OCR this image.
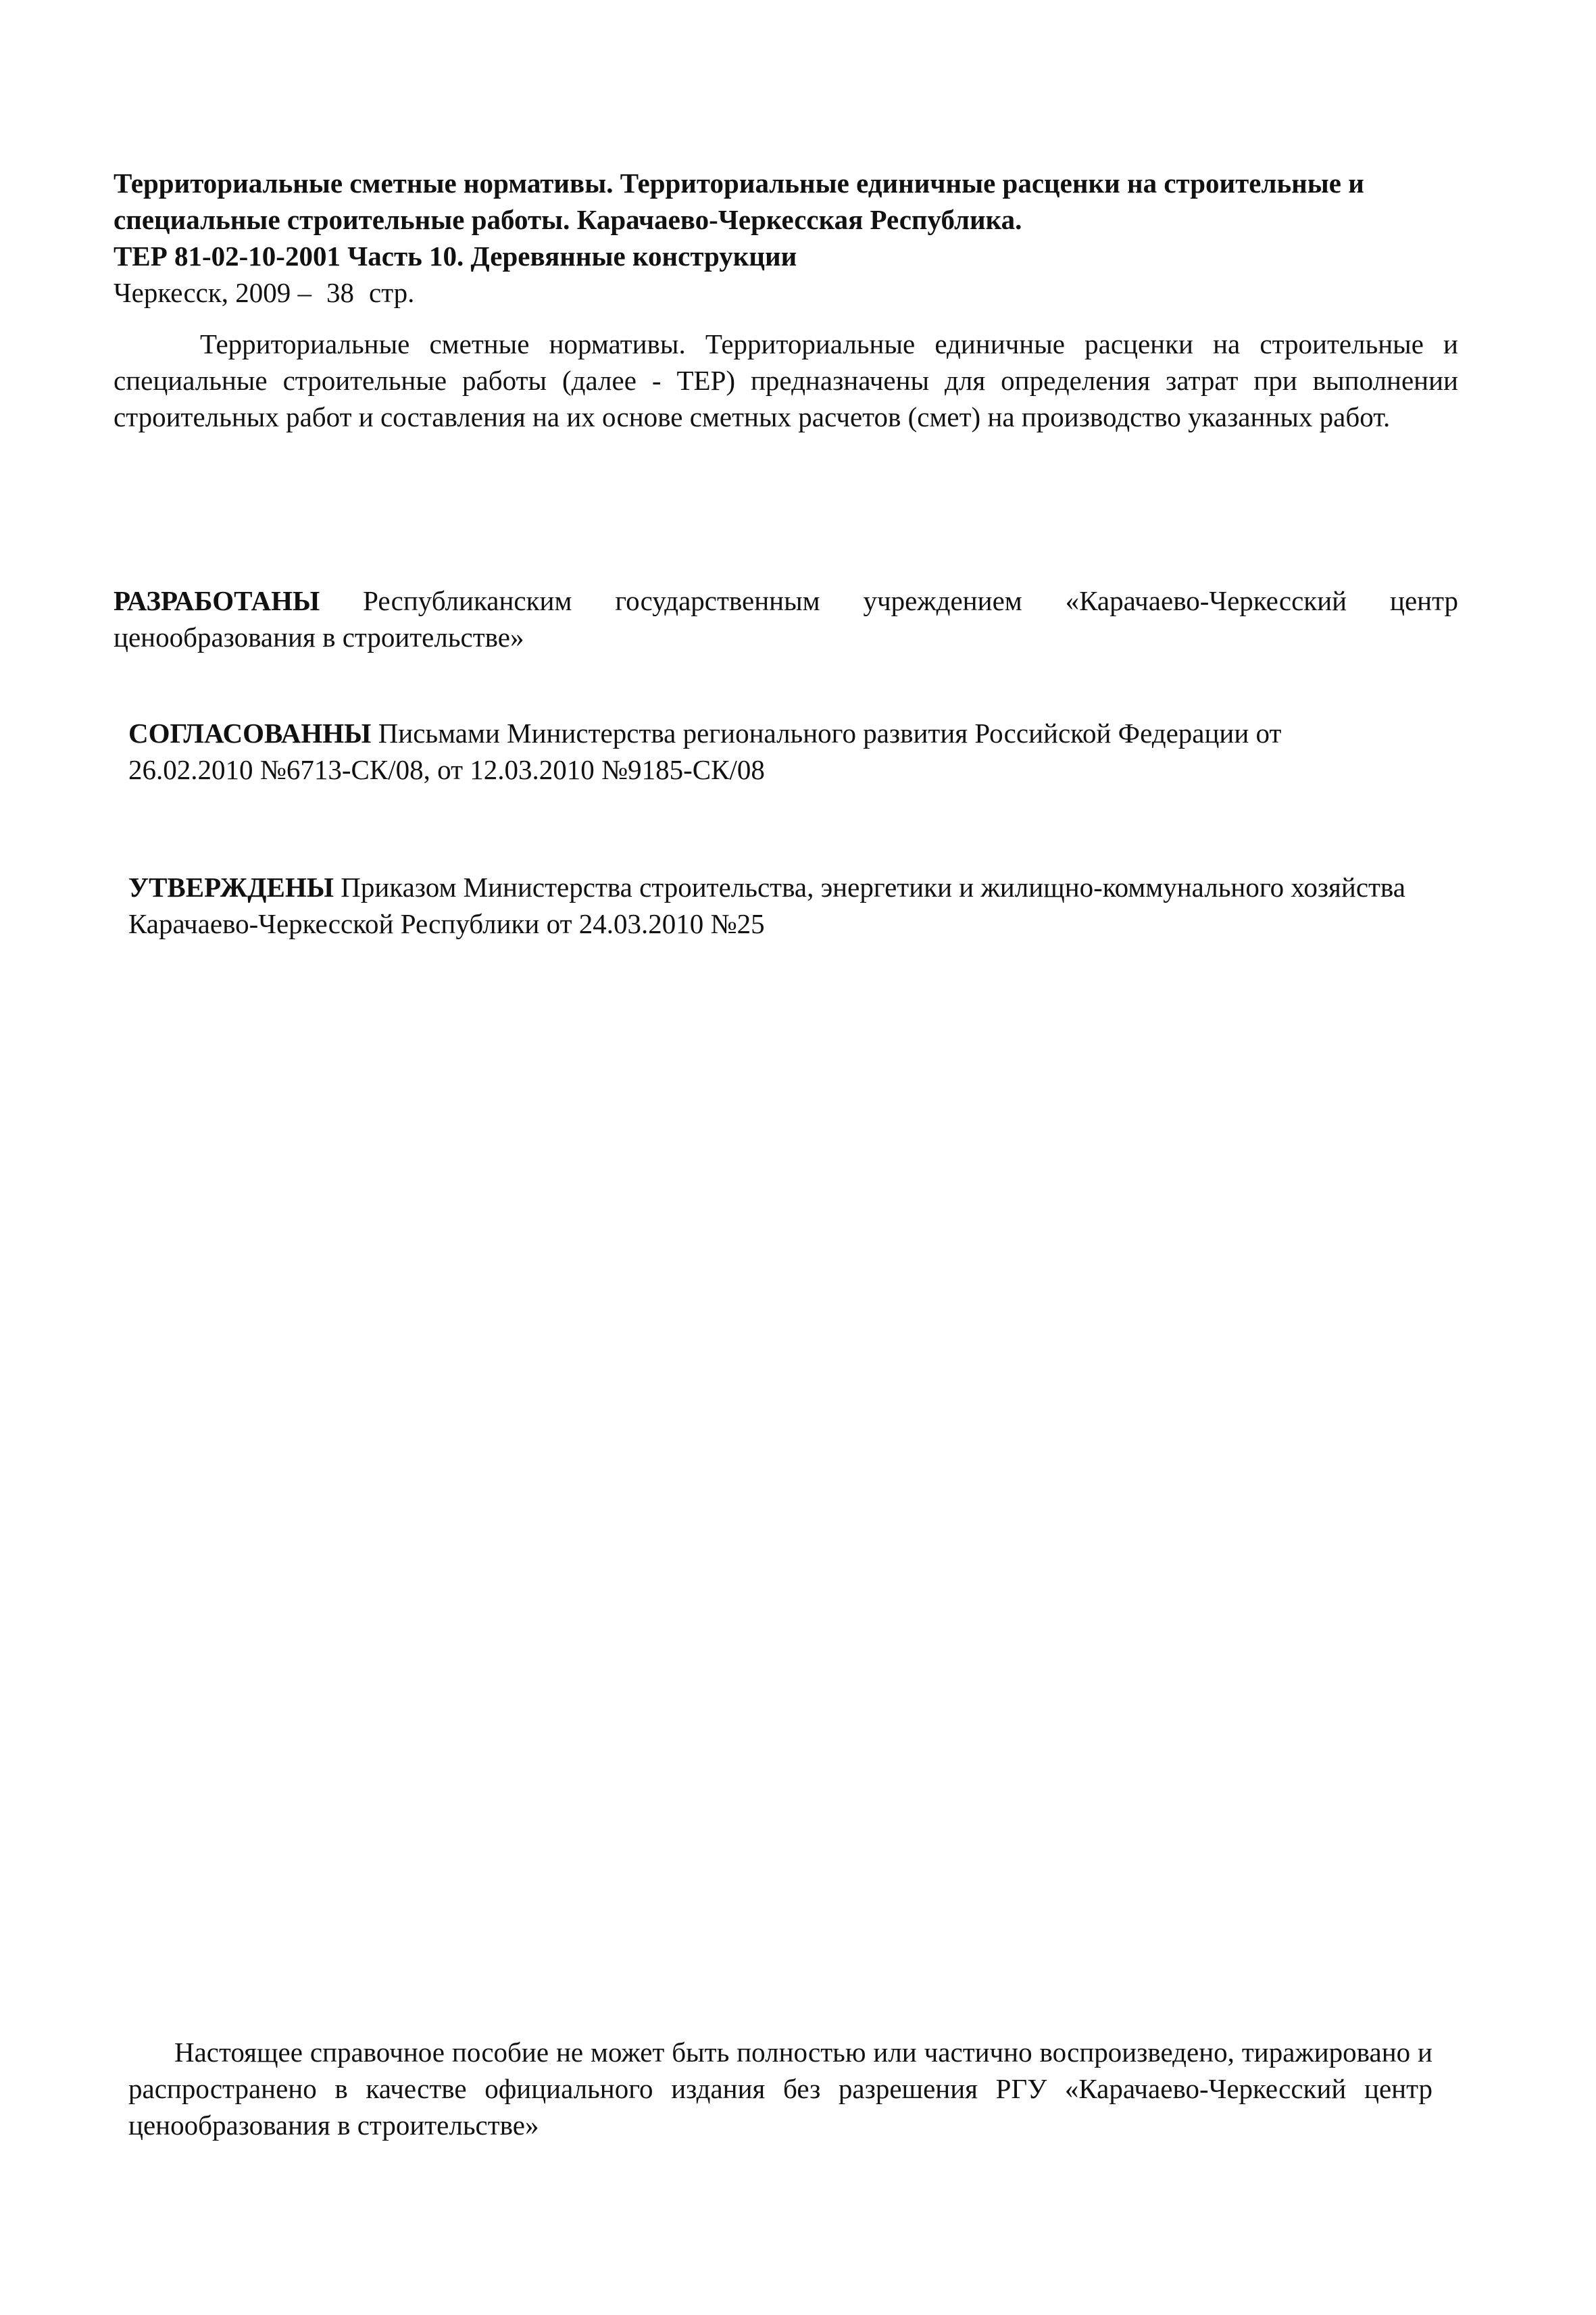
Территориальные сметные нормативы. Территориальные единичные расценки на строительные и
специальные строительные работы. Карачаево-Черкесская Республика.
ТЕР 81-02-10-2001 Часть 10. Деревянные конструкции
Черкесск, 2009 – 38 стр.
Территориальные сметные нормативы. Территориальные единичные расценки на строительные и специальные строительные работы (далее - ТЕР) предназначены для определения затрат при выполнении строительных работ и составления на их основе сметных расчетов (смет) на производство указанных работ.
РАЗРАБОТАНЫ Республиканским государственным учреждением «Карачаево-Черкесский центр ценообразования в строительстве»
СОГЛАСОВАННЫ Письмами Министерства регионального развития Российской Федерации от 26.02.2010 №6713-СК/08, от 12.03.2010 №9185-СК/08
УТВЕРЖДЕНЫ Приказом Министерства строительства, энергетики и жилищно-коммунального хозяйства Карачаево-Черкесской Республики от 24.03.2010 №25
Настоящее справочное пособие не может быть полностью или частично воспроизведено, тиражировано и распространено в качестве официального издания без разрешения РГУ «Карачаево-Черкесский центр ценообразования в строительстве»
